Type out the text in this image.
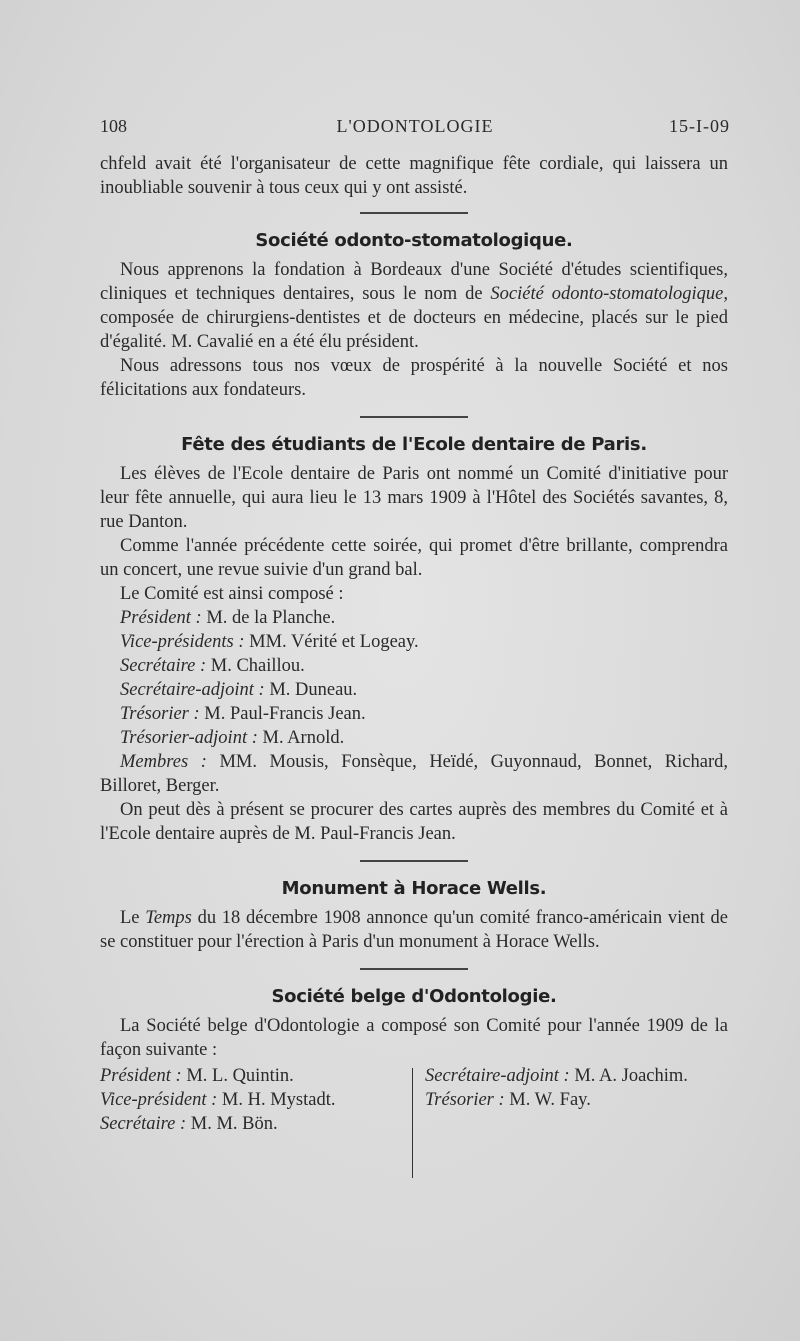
108	L'ODONTOLOGIE	15-I-09

chfeld avait été l'organisateur de cette magnifique fête cordiale, qui laissera un inoubliable souvenir à tous ceux qui y ont assisté.

Société odonto-stomatologique.

Nous apprenons la fondation à Bordeaux d'une Société d'études scientifiques, cliniques et techniques dentaires, sous le nom de Société odonto-stomatologique, composée de chirurgiens-dentistes et de docteurs en médecine, placés sur le pied d'égalité. M. Cavalié en a été élu président.

Nous adressons tous nos vœux de prospérité à la nouvelle Société et nos félicitations aux fondateurs.

Fête des étudiants de l'Ecole dentaire de Paris.

Les élèves de l'Ecole dentaire de Paris ont nommé un Comité d'initiative pour leur fête annuelle, qui aura lieu le 13 mars 1909 à l'Hôtel des Sociétés savantes, 8, rue Danton.

Comme l'année précédente cette soirée, qui promet d'être brillante, comprendra un concert, une revue suivie d'un grand bal.

Le Comité est ainsi composé :

Président : M. de la Planche.
Vice-présidents : MM. Vérité et Logeay.
Secrétaire : M. Chaillou.
Secrétaire-adjoint : M. Duneau.
Trésorier : M. Paul-Francis Jean.
Trésorier-adjoint : M. Arnold.

Membres : MM. Mousis, Fonsèque, Heïdé, Guyonnaud, Bonnet, Richard, Billoret, Berger.

On peut dès à présent se procurer des cartes auprès des membres du Comité et à l'Ecole dentaire auprès de M. Paul-Francis Jean.

Monument à Horace Wells.

Le Temps du 18 décembre 1908 annonce qu'un comité franco-américain vient de se constituer pour l'érection à Paris d'un monument à Horace Wells.

Société belge d'Odontologie.

La Société belge d'Odontologie a composé son Comité pour l'année 1909 de la façon suivante :

Président : M. L. Quintin.
Vice-président : M. H. Mystadt.
Secrétaire : M. M. Bön.
Secrétaire-adjoint : M. A. Joachim.
Trésorier : M. W. Fay.
